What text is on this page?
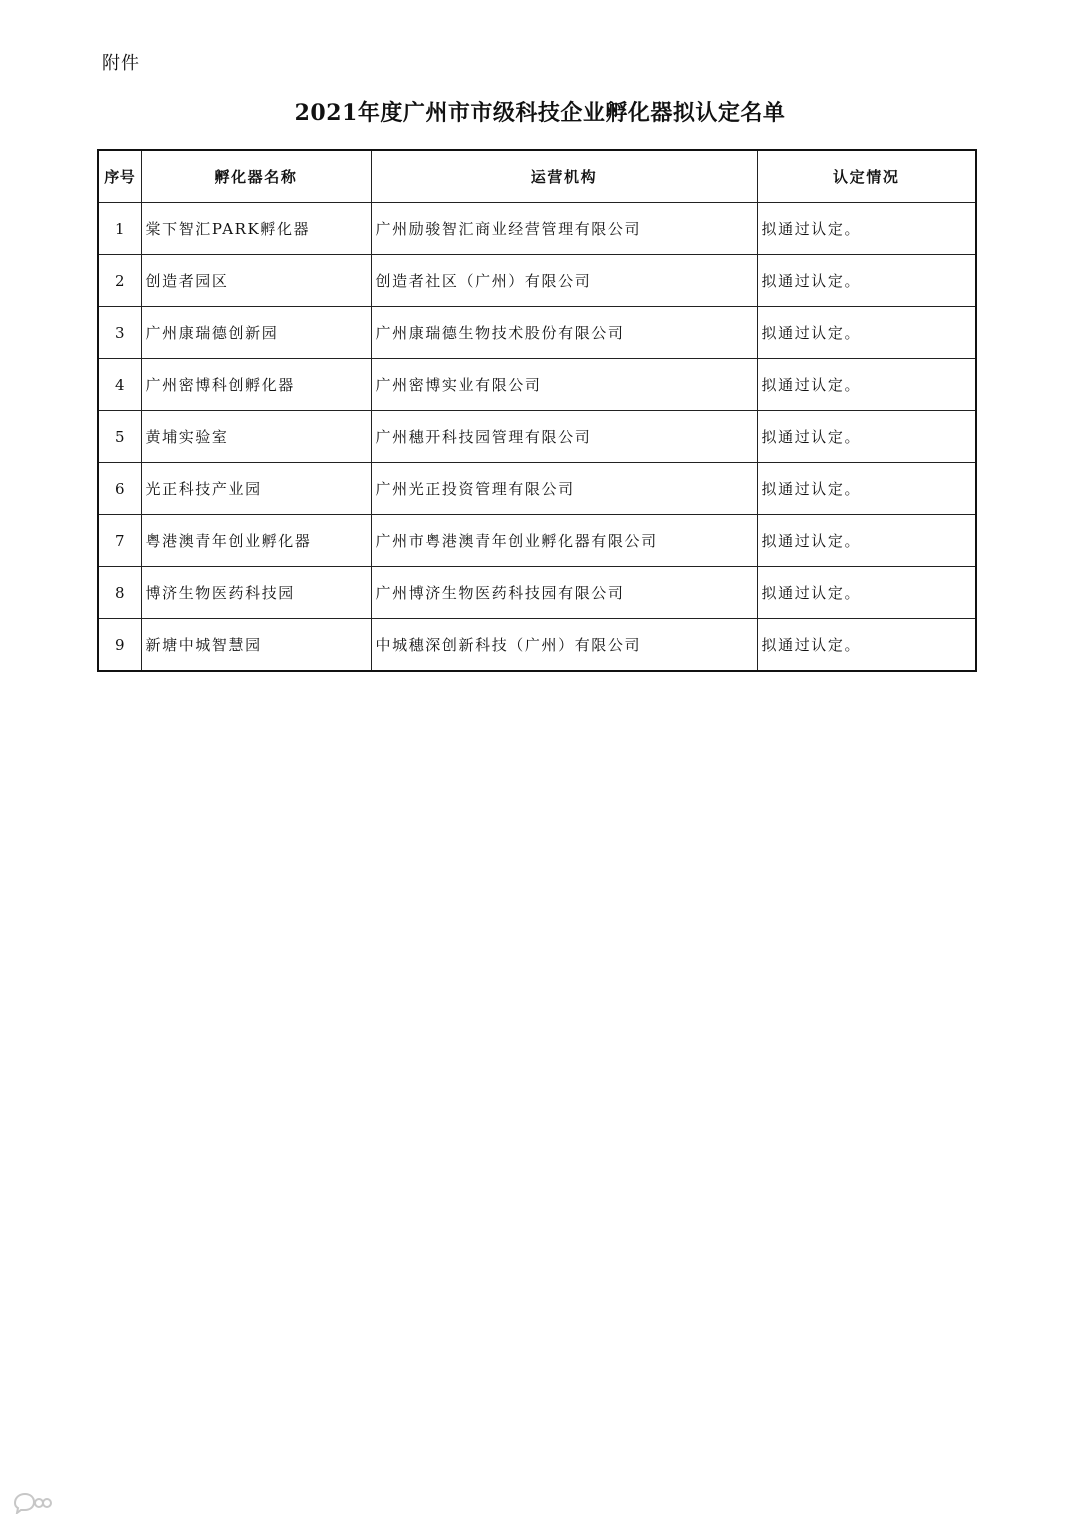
附件
2021年度广州市市级科技企业孵化器拟认定名单
序号	孵化器名称	运营机构	认定情况
1	棠下智汇PARK孵化器	广州励骏智汇商业经营管理有限公司	拟通过认定。
2	创造者园区	创造者社区（广州）有限公司	拟通过认定。
3	广州康瑞德创新园	广州康瑞德生物技术股份有限公司	拟通过认定。
4	广州密博科创孵化器	广州密博实业有限公司	拟通过认定。
5	黄埔实验室	广州穗开科技园管理有限公司	拟通过认定。
6	光正科技产业园	广州光正投资管理有限公司	拟通过认定。
7	粤港澳青年创业孵化器	广州市粤港澳青年创业孵化器有限公司	拟通过认定。
8	博济生物医药科技园	广州博济生物医药科技园有限公司	拟通过认定。
9	新塘中城智慧园	中城穗深创新科技（广州）有限公司	拟通过认定。
